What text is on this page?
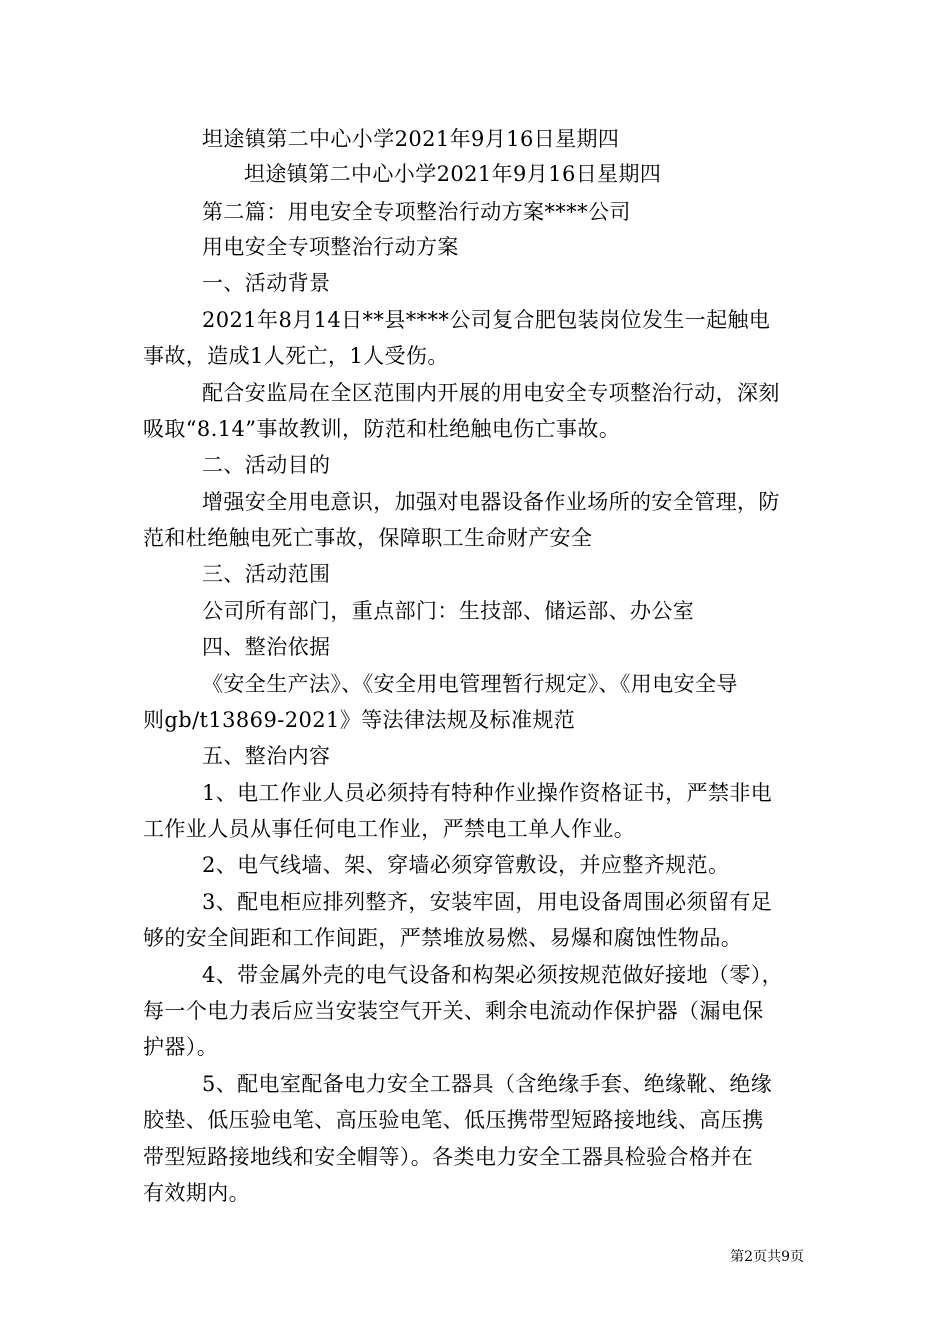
坦途镇第二中心小学2021年9月16日星期四
坦途镇第二中心小学2021年9月16日星期四
第二篇：用电安全专项整治行动方案****公司
用电安全专项整治行动方案
一、活动背景
2021年8月14日**县****公司复合肥包装岗位发生一起触电
事故，造成1人死亡，1人受伤。
配合安监局在全区范围内开展的用电安全专项整治行动，深刻
吸取“8.14”事故教训，防范和杜绝触电伤亡事故。
二、活动目的
增强安全用电意识，加强对电器设备作业场所的安全管理，防
范和杜绝触电死亡事故，保障职工生命财产安全
三、活动范围
公司所有部门，重点部门：生技部、储运部、办公室
四、整治依据
《安全生产法》、《安全用电管理暂行规定》、《用电安全导
则gb/t13869-2021》等法律法规及标准规范
五、整治内容
1、电工作业人员必须持有特种作业操作资格证书，严禁非电
工作业人员从事任何电工作业，严禁电工单人作业。
2、电气线墙、架、穿墙必须穿管敷设，并应整齐规范。
3、配电柜应排列整齐，安装牢固，用电设备周围必须留有足
够的安全间距和工作间距，严禁堆放易燃、易爆和腐蚀性物品。
4、带金属外壳的电气设备和构架必须按规范做好接地（零），
每一个电力表后应当安装空气开关、剩余电流动作保护器（漏电保
护器）。
5、配电室配备电力安全工器具（含绝缘手套、绝缘靴、绝缘
胶垫、低压验电笔、高压验电笔、低压携带型短路接地线、高压携
带型短路接地线和安全帽等）。各类电力安全工器具检验合格并在
有效期内。
第2页共9页
